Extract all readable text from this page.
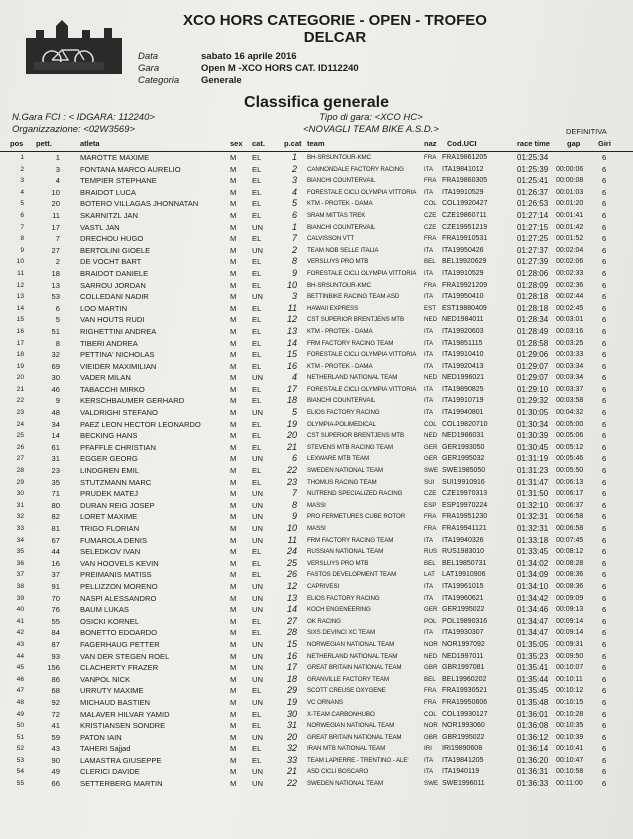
XCO HORS CATEGORIE - OPEN - TROFEO
DELCAR
Data	sabato 16 aprile 2016
Gara	Open M -XCO HORS CAT. ID112240
Categoria	Generale
Classifica generale
N.Gara FCI : < IDGARA: 112240>
Organizzazione: <02W3569>
Tipo di gara: <XCO HC>
<NOVAGLI TEAM BIKE A.S.D.>	DEFINITIVA
pos pett.	atleta	sex cat.	p.cat team	naz Cod.UCI	race time gap Giri
1	1	MAROTTE MAXIME	M EL	1 BH-SRSUNTOUR-KMC	FRA FRA19861205	01:25:34	6
2	3	FONTANA MARCO AURELIO	M EL	2 CANNONDALE FACTORY RACING	ITA ITA19841012	01:25:39 00:00:06 6
3	4	TEMPIER STEPHANE	M EL	3 BIANCHI COUNTERVAIL	FRA FRA19860305	01:25:41 00:00:08 6
4	10	BRAIDOT LUCA	M EL	4 FORESTALE CICLI OLYMPIA VITTORIA ITA ITA19910529	01:26:37 00:01:03 6
5	20	BOTERO VILLAGAS JHONNATAN	M EL	5 KTM - PROTEK - DAMA	COL COL19920427	01:26:53 00:01:20 6
6	11	SKARNITZL JAN	M EL	6 SRAM MITTAS TREK	CZE CZE19860711	01:27:14 00:01:41 6
7	17	VASTL JAN	M UN	1 BIANCHI COUNTERVAIL	CZE CZE19951219	01:27:15 00:01:42 6
8	7	DRECHOU HUGO	M EL	7 CALVISSON VTT	FRA FRA19910531	01:27:25 00:01:52 6
9	27	BERTOLINI GIOELE	M UN	2 TEAM NOB SELLE ITALIA	ITA ITA19950426	01:27:37 00:02:04 6
10	2	DE VOCHT BART	M EL	8 VERSLUYS PRO MTB	BEL BEL19920629	01:27:39 00:02:06 6
11	18	BRAIDOT DANIELE	M EL	9 FORESTALE CICLI OLYMPIA VITTORIA ITA ITA19910529	01:28:06 00:02:33 6
12	13	SARROU JORDAN	M EL	10 BH-SRSUNTOUR-KMC	FRA FRA19921209	01:28:09 00:02:36 6
13	53	COLLEDANI NADIR	M UN	3 BETTINBIKE RACING TEAM ASD	ITA ITA19950410	01:28:18 00:02:44 6
14	6	LOO MARTIN	M EL	11 HAWAII EXPRESS	EST EST19880409	01:28:18 00:02:45 6
15	5	VAN HOUTS RUDI	M EL	12 CST SUPERIOR BRENTJENS MTB	NED NED1984011	01:28:34 00:03:01 6
16	51	RIGHETTINI ANDREA	M EL	13 KTM - PROTEK - DAMA	ITA ITA19920603	01:28:49 00:03:16 6
17	8	TIBERI ANDREA	M EL	14 FRM FACTORY RACING TEAM	ITA ITA19851115	01:28:58 00:03:25 6
18	32	PETTINA' NICHOLAS	M EL	15 FORESTALE CICLI OLYMPIA VITTORIA ITA ITA19910410	01:29:06 00:03:33 6
19	69	VIEIDER MAXIMILIAN	M EL	16 KTM - PROTEK - DAMA	ITA ITA19920413	01:29:07 00:03:34 6
20	30	VADER MILAN	M UN	4 NETHERLAND NATIONAL TEAM	NED NED1996021	01:29:07 00:03:34 6
21	46	TABACCHI MIRKO	M EL	17 FORESTALE CICLI OLYMPIA VITTORIA ITA ITA19890825	01:29:10 00:03:37 6
22	9	KERSCHBAUMER GERHARD	M EL	18 BIANCHI COUNTERVAIL	ITA ITA19910719	01:29:32 00:03:58 6
23	48	VALDRIGHI STEFANO	M UN	5 ELIOS FACTORY RACING	ITA ITA19940801	01:30:05 00:04:32 6
24	34	PAEZ LEON HECTOR LEONARDO	M EL	19 OLYMPIA-POLIMEDICAL	COL COL19820710	01:30:34 00:05:00 6
25	14	BECKING HANS	M EL	20 CST SUPERIOR BRENTJENS MTB	NED NED1986031	01:30:39 00:05:06 6
26	61	PFAFFLE CHRISTIAN	M EL	21 STEVENS MTB RACING TEAM	GER GER1993050	01:30:45 00:05:12 6
27	31	EGGER GEORG	M UN	6 LEXWARE MTB TEAM	GER GER1995032	01:31:19 00:05:46 6
28	23	LINDGREN EMIL	M EL	22 SWEDEN NATIONAL TEAM	SWE SWE1985050	01:31:23 00:05:50 6
29	35	STUTZMANN MARC	M EL	23 THOMUS RACING TEAM	SUI SUI19910916	01:31:47 00:06:13 6
30	71	PRUDEK MATEJ	M UN	7 NUTREND SPECIALIZED RACING	CZE CZE19970313	01:31:50 00:06:17 6
31	80	DURAN REIG JOSEP	M UN	8 MASSI	ESP ESP19970224	01:32:10 00:06:37 6
32	82	LORET MAXIME	M UN	9 PRO FERMETURES CUBE ROTOR	FRA FRA19951230	01:32:31 00:06:58 6
33	81	TRIGO FLORIAN	M UN	10 MASSI	FRA FRA19941121	01:32:31 00:06:58 6
34	67	FUMAROLA DENIS	M UN	11 FRM FACTORY RACING TEAM	ITA ITA19940326	01:33:18 00:07:45 6
35	44	SELEDKOV IVAN	M EL	24 RUSSIAN NATIONAL TEAM	RUS RUS1983010	01:33:45 00:08:12 6
36	16	VAN HOOVELS KEVIN	M EL	25 VERSLUYS PRO MTB	BEL BEL19850731	01:34:02 00:08:28 6
37	37	PREIMANIS MATISS	M EL	26 FASTOS DEVELOPMENT TEAM	LAT LAT19910906	01:34:09 00:08:36 6
38	91	PELLIZZON MORENO	M UN	12 CAPRIVESI	ITA ITA19961015	01:34:10 00:08:36 6
39	70	NASPI ALESSANDRO	M UN	13 ELIOS FACTORY RACING	ITA ITA19960621	01:34:42 00:09:09 6
40	76	BAUM LUKAS	M UN	14 KOCH ENGENEERING	GER GER1995022	01:34:46 00:09:13 6
41	55	OSICKI KORNEL	M EL	27 OK RACING	POL POL19890316	01:34:47 00:09:14 6
42	84	BONETTO EDOARDO	M EL	28 SIXS DEVINCI XC TEAM	ITA ITA19930307	01:34:47 00:09:14 6
43	87	FAGERHAUG PETTER	M UN	15 NORWEGIAN NATIONAL TEAM	NOR NOR1997092	01:35:05 00:09:31 6
44	93	VAN DER STEGEN ROEL	M UN	16 NETHERLAND NATIONAL TEAM	NED NED1997011	01:35:23 00:09:50 6
45	156	CLACHERTY FRAZER	M UN	17 GREAT BRITAIN NATIONAL TEAM	GBR GBR1997081	01:35:41 00:10:07 6
46	86	VANPOL NICK	M UN	18 GRANVILLE FACTORY TEAM	BEL BEL19960202	01:35:44 00:10:11	6
47	68	URRUTY MAXIME	M EL	29 SCOTT CREUSE OXYGENE	FRA FRA19930521	01:35:45 00:10:12 6
48	92	MICHAUD BASTIEN	M UN	19 VC ORNANS	FRA FRA19950606	01:35:48 00:10:15 6
49	72	MALAVER HILVAR YAMID	M EL	30 X-TEAM CARBONHUBO	COL COL19930127	01:36:01 00:10:28 6
50	41	KRISTIANSEN SONDRE	M EL	31 NORWEGIAN NATIONAL TEAM	NOR NOR1993060	01:36:08 00:10:35 6
51	59	PATON IAIN	M UN	20 GREAT BRITAIN NATIONAL TEAM	GBR GBR1995022	01:36:12 00:10:39 6
52	43	TAHERI Sajjad	M EL	32 IRAN MTB NATIONAL TEAM	IRI IRI19890608	01:36:14 00:10:41 6
53	90	LAMASTRA GIUSEPPE	M EL	33 TEAM LAPIERRE - TRENTINO - ALE'	ITA ITA19841205	01:36:20 00:10:47 6
54	49	CLERICI DAVIDE	M UN	21 ASD CICLI BOSCARO	ITA ITA1940119	01:36:31 00:10:58 6
55	66	SETTERBERG MARTIN	M UN	22 SWEDEN NATIONAL TEAM	SWE SWE1996011	01:36:33 00:11:00	6
